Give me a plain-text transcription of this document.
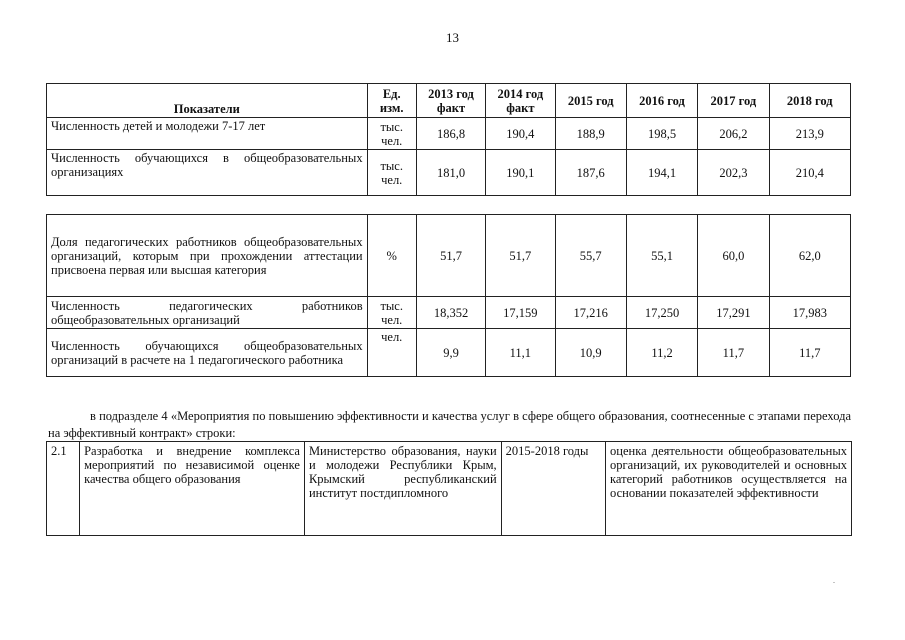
13
Показатели	Ед. изм.	2013 год факт	2014 год факт	2015 год	2016 год	2017 год	2018 год
Численность детей и молодежи 7-17 лет	тыс. чел.	186,8	190,4	188,9	198,5	206,2	213,9
Численность обучающихся в общеобразовательных организациях	тыс. чел.	181,0	190,1	187,6	194,1	202,3	210,4
Доля педагогических работников общеобразовательных организаций, которым при прохождении аттестации присвоена первая или высшая категория	%	51,7	51,7	55,7	55,1	60,0	62,0
Численность педагогических работников общеобразовательных организаций	тыс. чел.	18,352	17,159	17,216	17,250	17,291	17,983
Численность обучающихся общеобразовательных организаций в расчете на 1 педагогического работника	чел.	9,9	11,1	10,9	11,2	11,7	11,7

в подразделе 4 «Мероприятия по повышению эффективности и качества услуг в сфере общего образования, соотнесенные с этапами перехода на эффективный контракт» строки:

2.1	Разработка и внедрение комплекса мероприятий по независимой оценке качества общего образования	Министерство образования, науки и молодежи Республики Крым, Крымский республиканский институт постдипломного	2015-2018 годы	оценка деятельности общеобразовательных организаций, их руководителей и основных категорий работников осуществляется на основании показателей эффективности
.
